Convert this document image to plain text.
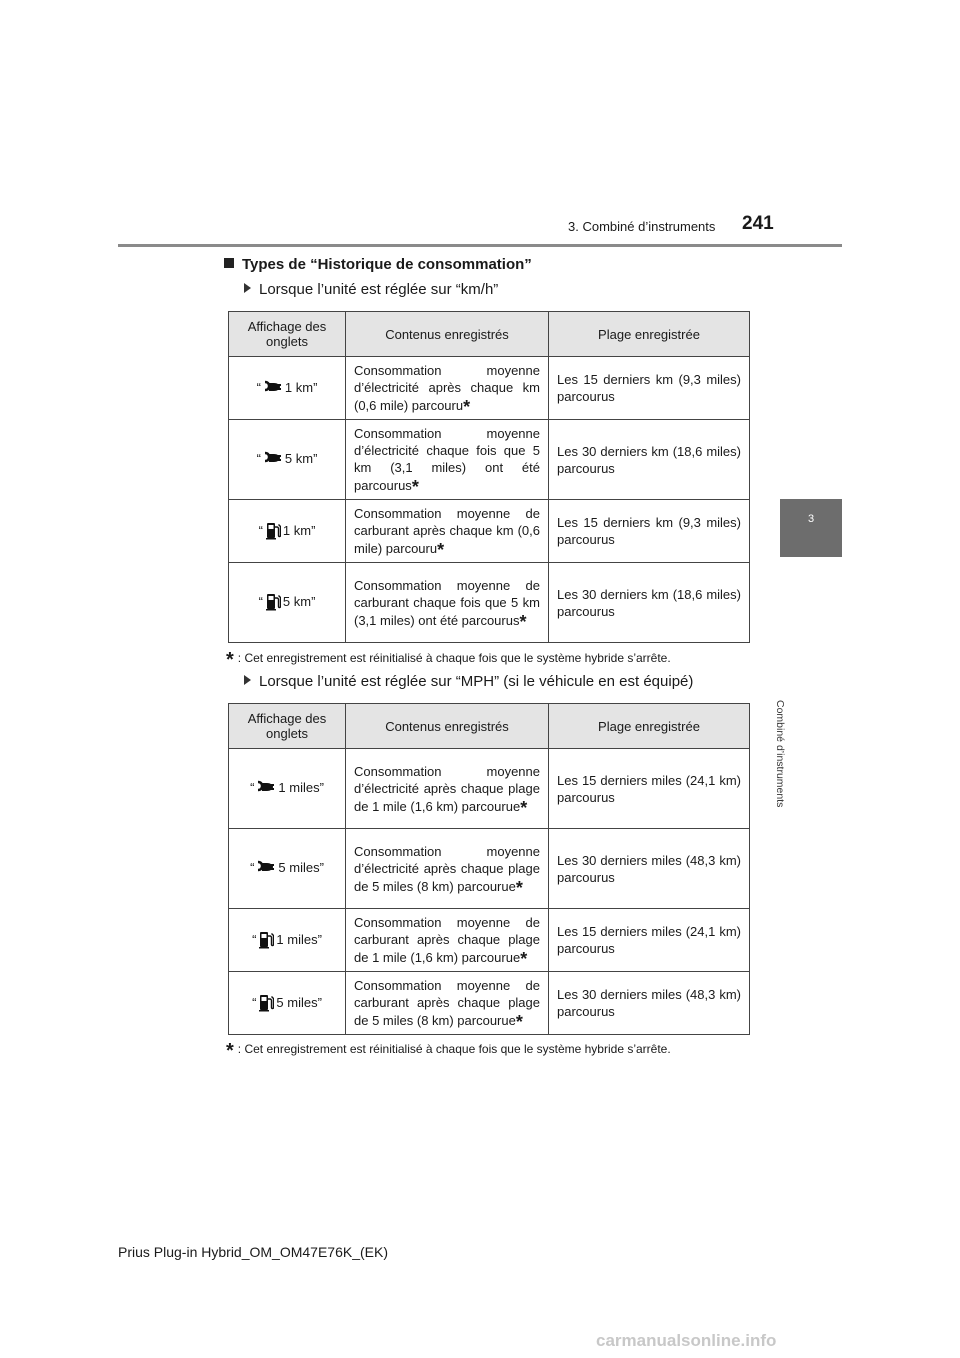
3. Combiné d’instruments 241
3
Combiné d’instruments
Types de “Historique de consommation”
Lorsque l’unité est réglée sur “km/h”
Affichage des onglets	Contenus enregistrés	Plage enregistrée
“ 1 km”	Consommation moyenne d’électricité après chaque km (0,6 mile) parcouru*	Les 15 derniers km (9,3 miles) parcourus
“ 5 km”	Consommation moyenne d’électricité chaque fois que 5 km (3,1 miles) ont été parcourus*	Les 30 derniers km (18,6 miles) parcourus
“ 1 km”	Consommation moyenne de carburant après chaque km (0,6 mile) parcouru*	Les 15 derniers km (9,3 miles) parcourus
“ 5 km”	Consommation moyenne de carburant chaque fois que 5 km (3,1 miles) ont été parcourus*	Les 30 derniers km (18,6 miles) parcourus
* : Cet enregistrement est réinitialisé à chaque fois que le système hybride s’arrête.
Lorsque l’unité est réglée sur “MPH” (si le véhicule en est équipé)
Affichage des onglets	Contenus enregistrés	Plage enregistrée
“ 1 miles”	Consommation moyenne d’électricité après chaque plage de 1 mile (1,6 km) parcourue*	Les 15 derniers miles (24,1 km) parcourus
“ 5 miles”	Consommation moyenne d’électricité après chaque plage de 5 miles (8 km) parcourue*	Les 30 derniers miles (48,3 km) parcourus
“ 1 miles”	Consommation moyenne de carburant après chaque plage de 1 mile (1,6 km) parcourue*	Les 15 derniers miles (24,1 km) parcourus
“ 5 miles”	Consommation moyenne de carburant après chaque plage de 5 miles (8 km) parcourue*	Les 30 derniers miles (48,3 km) parcourus
* : Cet enregistrement est réinitialisé à chaque fois que le système hybride s’arrête.
Prius Plug-in Hybrid_OM_OM47E76K_(EK)
carmanualsonline.info
